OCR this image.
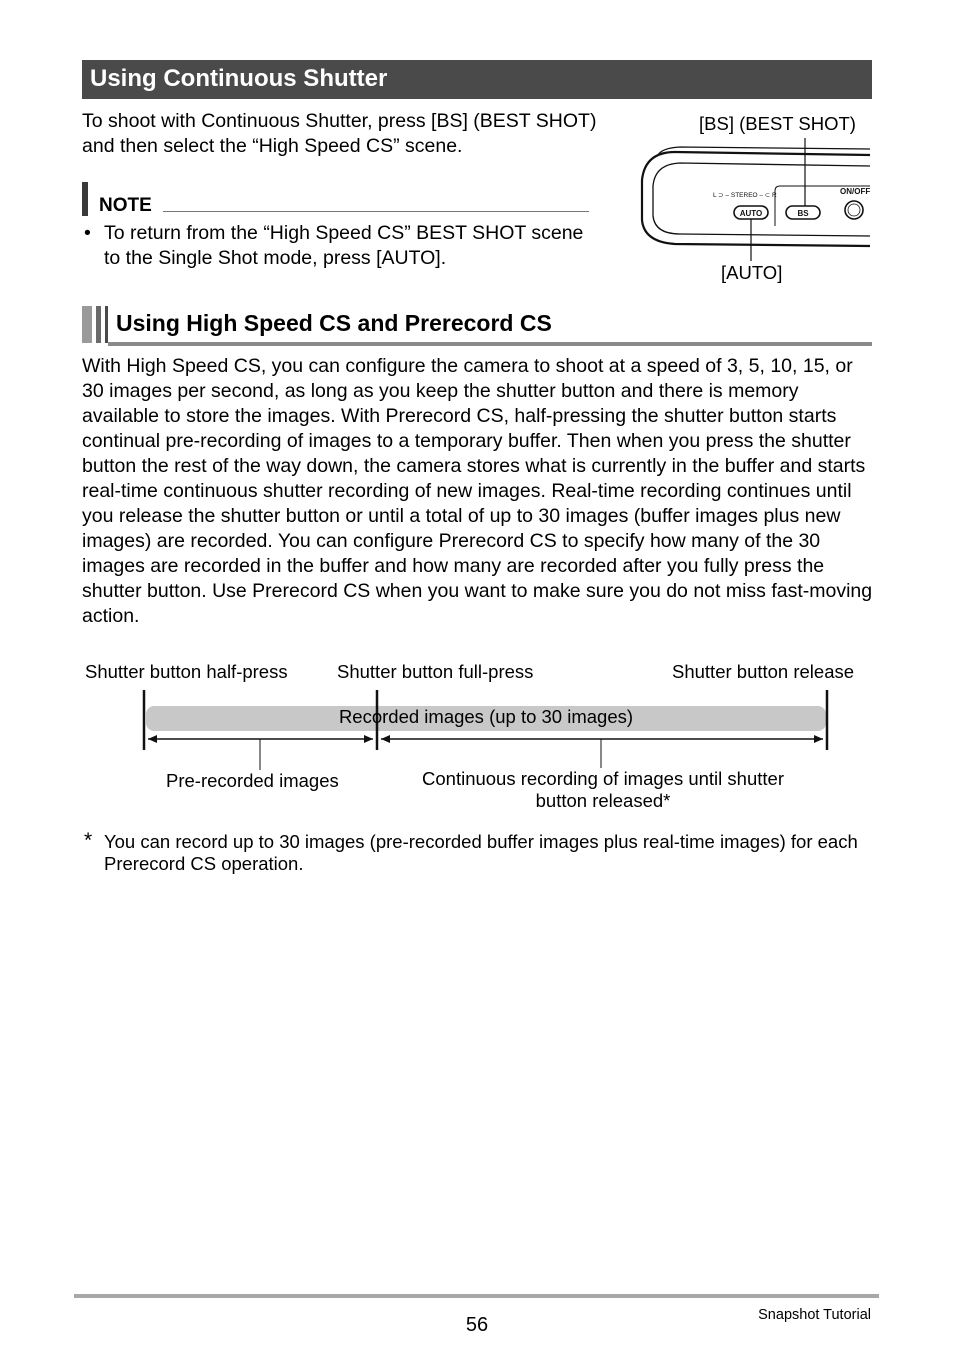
Using Continuous Shutter
To shoot with Continuous Shutter, press [BS] (BEST SHOT) and then select the “High Speed CS” scene.
NOTE
• To return from the “High Speed CS” BEST SHOT scene to the Single Shot mode, press [AUTO].
[BS] (BEST SHOT)
[AUTO]
L ⊃ – STEREO – ⊂ R	ON/OFF
AUTO	BS
Using High Speed CS and Prerecord CS
With High Speed CS, you can configure the camera to shoot at a speed of 3, 5, 10, 15, or 30 images per second, as long as you keep the shutter button and there is memory available to store the images. With Prerecord CS, half-pressing the shutter button starts continual pre-recording of images to a temporary buffer. Then when you press the shutter button the rest of the way down, the camera stores what is currently in the buffer and starts real-time continuous shutter recording of new images. Real-time recording continues until you release the shutter button or until a total of up to 30 images (buffer images plus new images) are recorded. You can configure Prerecord CS to specify how many of the 30 images are recorded in the buffer and how many are recorded after you fully press the shutter button. Use Prerecord CS when you want to make sure you do not miss fast-moving action.
Shutter button half-press	Shutter button full-press	Shutter button release
Recorded images (up to 30 images)
Pre-recorded images	Continuous recording of images until shutter button released*
* You can record up to 30 images (pre-recorded buffer images plus real-time images) for each Prerecord CS operation.
56	Snapshot Tutorial
